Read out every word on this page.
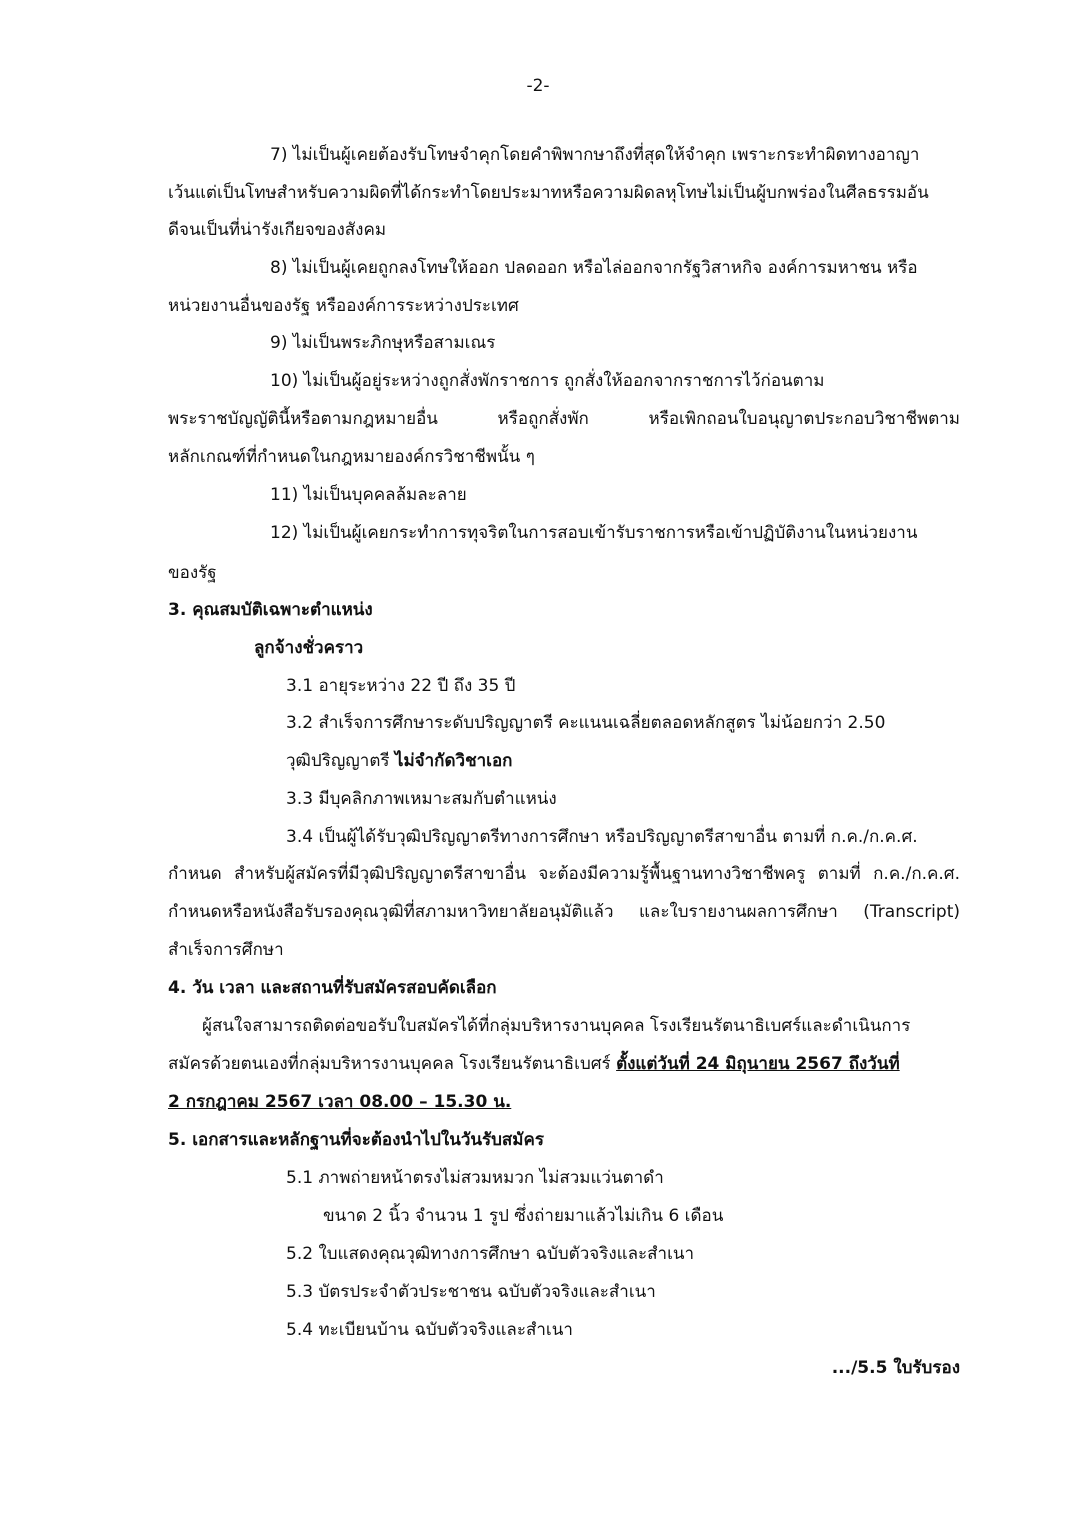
-2-
7) ไม่เป็นผู้เคยต้องรับโทษจำคุกโดยคำพิพากษาถึงที่สุดให้จำคุก เพราะกระทำผิดทางอาญา
เว้นแต่เป็นโทษสำหรับความผิดที่ได้กระทำโดยประมาทหรือความผิดลหุโทษไม่เป็นผู้บกพร่องในศีลธรรมอัน
ดีจนเป็นที่น่ารังเกียจของสังคม
8) ไม่เป็นผู้เคยถูกลงโทษให้ออก ปลดออก หรือไล่ออกจากรัฐวิสาหกิจ องค์การมหาชน หรือ
หน่วยงานอื่นของรัฐ หรือองค์การระหว่างประเทศ
9) ไม่เป็นพระภิกษุหรือสามเณร
10) ไม่เป็นผู้อยู่ระหว่างถูกสั่งพักราชการ ถูกสั่งให้ออกจากราชการไว้ก่อนตาม
พระราชบัญญัตินี้หรือตามกฎหมายอื่น หรือถูกสั่งพัก หรือเพิกถอนใบอนุญาตประกอบวิชาชีพตาม
หลักเกณฑ์ที่กำหนดในกฎหมายองค์กรวิชาชีพนั้น ๆ
11) ไม่เป็นบุคคลล้มละลาย
12) ไม่เป็นผู้เคยกระทำการทุจริตในการสอบเข้ารับราชการหรือเข้าปฏิบัติงานในหน่วยงาน
ของรัฐ
3. คุณสมบัติเฉพาะตำแหน่ง
ลูกจ้างชั่วคราว
3.1 อายุระหว่าง 22 ปี ถึง 35 ปี
3.2 สำเร็จการศึกษาระดับปริญญาตรี คะแนนเฉลี่ยตลอดหลักสูตร ไม่น้อยกว่า 2.50
วุฒิปริญญาตรี ไม่จำกัดวิชาเอก
3.3 มีบุคลิกภาพเหมาะสมกับตำแหน่ง
3.4 เป็นผู้ได้รับวุฒิปริญญาตรีทางการศึกษา หรือปริญญาตรีสาขาอื่น ตามที่ ก.ค./ก.ค.ศ.
กำหนด สำหรับผู้สมัครที่มีวุฒิปริญญาตรีสาขาอื่น จะต้องมีความรู้พื้นฐานทางวิชาชีพครู ตามที่ ก.ค./ก.ค.ศ.
กำหนดหรือหนังสือรับรองคุณวุฒิที่สภามหาวิทยาลัยอนุมัติแล้ว และใบรายงานผลการศึกษา (Transcript)
สำเร็จการศึกษา
4. วัน เวลา และสถานที่รับสมัครสอบคัดเลือก
ผู้สนใจสามารถติดต่อขอรับใบสมัครได้ที่กลุ่มบริหารงานบุคคล โรงเรียนรัตนาธิเบศร์และดำเนินการ
สมัครด้วยตนเองที่กลุ่มบริหารงานบุคคล โรงเรียนรัตนาธิเบศร์ ตั้งแต่วันที่ 24 มิถุนายน 2567 ถึงวันที่
2 กรกฎาคม 2567 เวลา 08.00 – 15.30 น.
5. เอกสารและหลักฐานที่จะต้องนำไปในวันรับสมัคร
5.1 ภาพถ่ายหน้าตรงไม่สวมหมวก ไม่สวมแว่นตาดำ
ขนาด 2 นิ้ว จำนวน 1 รูป ซึ่งถ่ายมาแล้วไม่เกิน 6 เดือน
5.2 ใบแสดงคุณวุฒิทางการศึกษา ฉบับตัวจริงและสำเนา
5.3 บัตรประจำตัวประชาชน ฉบับตัวจริงและสำเนา
5.4 ทะเบียนบ้าน ฉบับตัวจริงและสำเนา
.../5.5 ใบรับรอง
